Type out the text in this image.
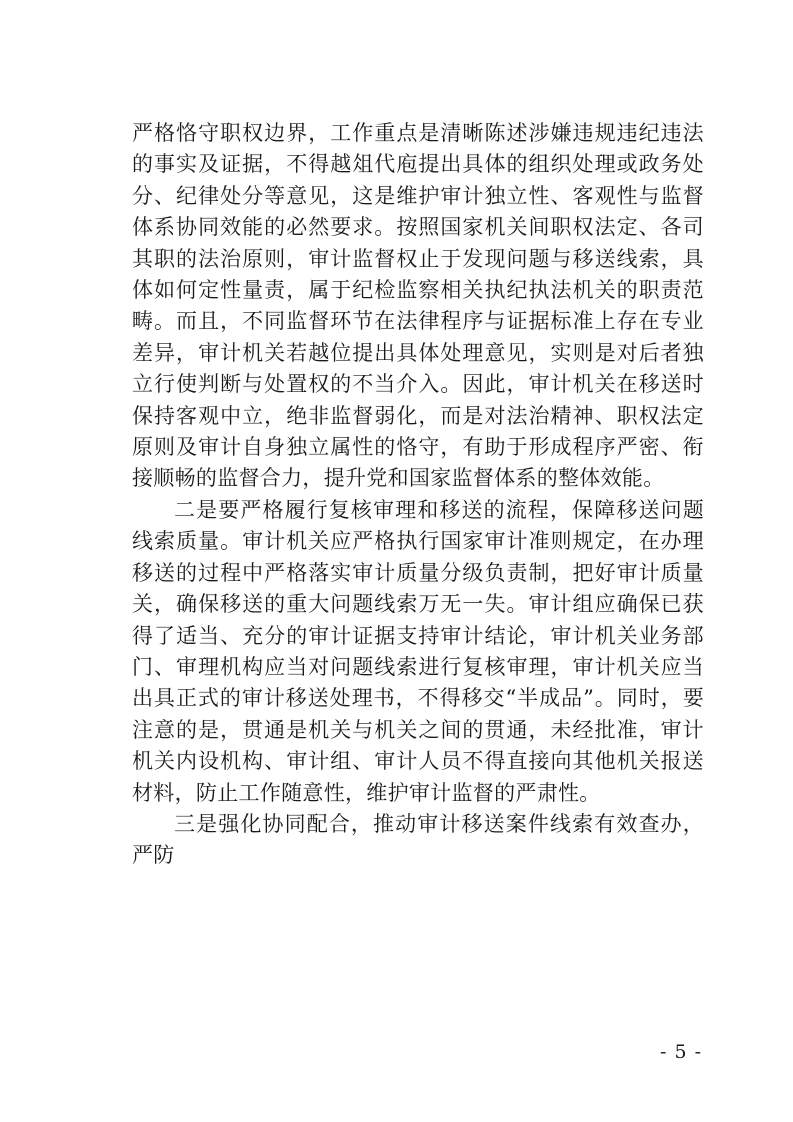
严格恪守职权边界，工作重点是清晰陈述涉嫌违规违纪违法的事实及证据，不得越俎代庖提出具体的组织处理或政务处分、纪律处分等意见，这是维护审计独立性、客观性与监督体系协同效能的必然要求。按照国家机关间职权法定、各司其职的法治原则，审计监督权止于发现问题与移送线索，具体如何定性量责，属于纪检监察相关执纪执法机关的职责范畴。而且，不同监督环节在法律程序与证据标准上存在专业差异，审计机关若越位提出具体处理意见，实则是对后者独立行使判断与处置权的不当介入。因此，审计机关在移送时保持客观中立，绝非监督弱化，而是对法治精神、职权法定原则及审计自身独立属性的恪守，有助于形成程序严密、衔接顺畅的监督合力，提升党和国家监督体系的整体效能。

二是要严格履行复核审理和移送的流程，保障移送问题线索质量。审计机关应严格执行国家审计准则规定，在办理移送的过程中严格落实审计质量分级负责制，把好审计质量关，确保移送的重大问题线索万无一失。审计组应确保已获得了适当、充分的审计证据支持审计结论，审计机关业务部门、审理机构应当对问题线索进行复核审理，审计机关应当出具正式的审计移送处理书，不得移交“半成品”。同时，要注意的是，贯通是机关与机关之间的贯通，未经批准，审计机关内设机构、审计组、审计人员不得直接向其他机关报送材料，防止工作随意性，维护审计监督的严肃性。

三是强化协同配合，推动审计移送案件线索有效查办，严防

- 5 -
